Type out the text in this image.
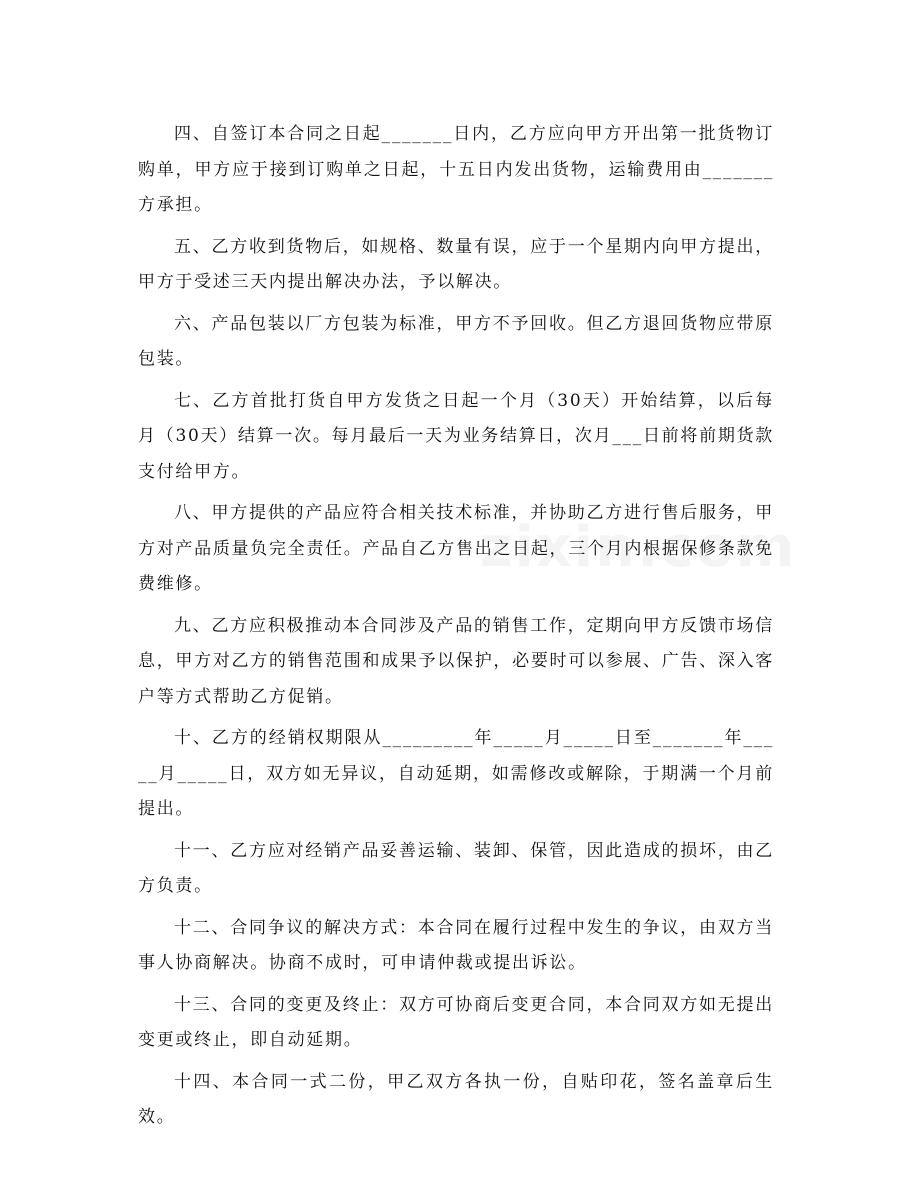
四、自签订本合同之日起_______日内，乙方应向甲方开出第一批货物订购单，甲方应于接到订购单之日起，十五日内发出货物，运输费用由_______方承担。

五、乙方收到货物后，如规格、数量有误，应于一个星期内向甲方提出，甲方于受述三天内提出解决办法，予以解决。

六、产品包装以厂方包装为标准，甲方不予回收。但乙方退回货物应带原包装。

七、乙方首批打货自甲方发货之日起一个月（30天）开始结算，以后每月（30天）结算一次。每月最后一天为业务结算日，次月___日前将前期货款支付给甲方。

八、甲方提供的产品应符合相关技术标准，并协助乙方进行售后服务，甲方对产品质量负完全责任。产品自乙方售出之日起，三个月内根据保修条款免费维修。

九、乙方应积极推动本合同涉及产品的销售工作，定期向甲方反馈市场信息，甲方对乙方的销售范围和成果予以保护，必要时可以参展、广告、深入客户等方式帮助乙方促销。

十、乙方的经销权期限从_________年_____月_____日至_______年_____月_____日，双方如无异议，自动延期，如需修改或解除，于期满一个月前提出。

十一、乙方应对经销产品妥善运输、装卸、保管，因此造成的损坏，由乙方负责。

十二、合同争议的解决方式：本合同在履行过程中发生的争议，由双方当事人协商解决。协商不成时，可申请仲裁或提出诉讼。

十三、合同的变更及终止：双方可协商后变更合同，本合同双方如无提出变更或终止，即自动延期。

十四、本合同一式二份，甲乙双方各执一份，自贴印花，签名盖章后生效。
